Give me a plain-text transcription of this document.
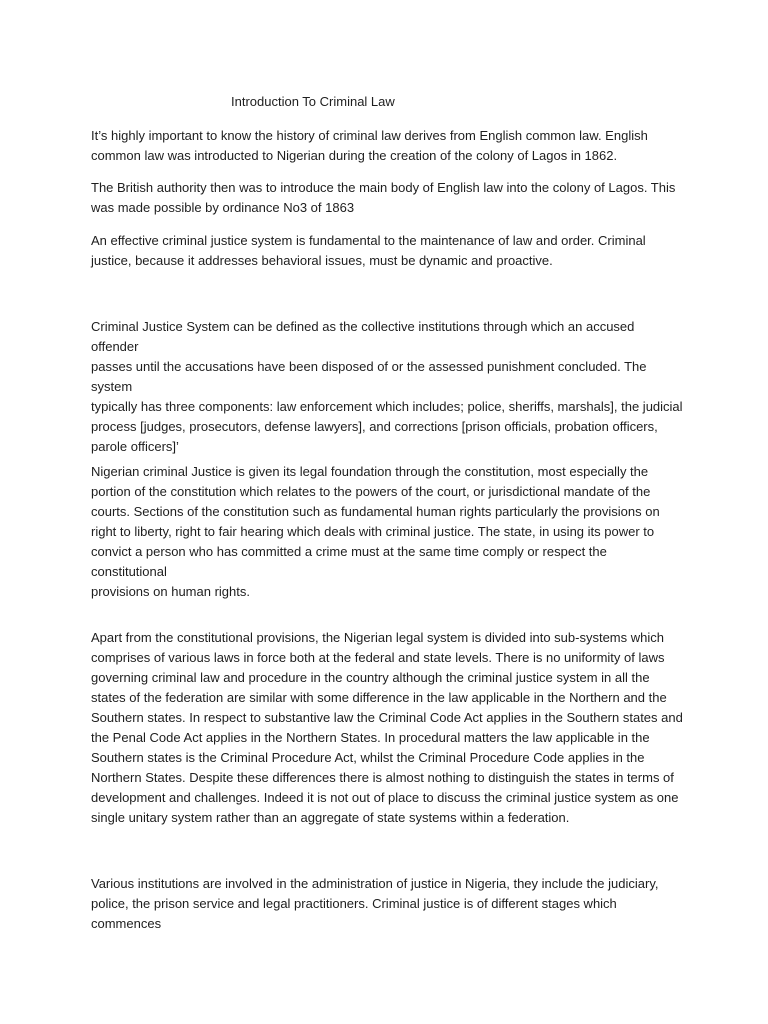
Introduction To Criminal Law

It’s highly important to know the history of criminal law derives from English common law. English
common law was introducted to Nigerian during the creation of the colony of Lagos in 1862.

The British authority then was to introduce the main body of English law into the colony of Lagos. This
was made possible by ordinance No3 of 1863

An effective criminal justice system is fundamental to the maintenance of law and order. Criminal
justice, because it addresses behavioral issues, must be dynamic and proactive.

Criminal Justice System can be defined as the collective institutions through which an accused offender
passes until the accusations have been disposed of or the assessed punishment concluded. The system
typically has three components: law enforcement which includes; police, sheriffs, marshals], the judicial
process [judges, prosecutors, defense lawyers], and corrections [prison officials, probation officers,
parole officers]’

Nigerian criminal Justice is given its legal foundation through the constitution, most especially the
portion of the constitution which relates to the powers of the court, or jurisdictional mandate of the
courts. Sections of the constitution such as fundamental human rights particularly the provisions on
right to liberty, right to fair hearing which deals with criminal justice. The state, in using its power to
convict a person who has committed a crime must at the same time comply or respect the constitutional
provisions on human rights.

Apart from the constitutional provisions, the Nigerian legal system is divided into sub-systems which
comprises of various laws in force both at the federal and state levels. There is no uniformity of laws
governing criminal law and procedure in the country although the criminal justice system in all the
states of the federation are similar with some difference in the law applicable in the Northern and the
Southern states. In respect to substantive law the Criminal Code Act applies in the Southern states and
the Penal Code Act applies in the Northern States. In procedural matters the law applicable in the
Southern states is the Criminal Procedure Act, whilst the Criminal Procedure Code applies in the
Northern States. Despite these differences there is almost nothing to distinguish the states in terms of
development and challenges. Indeed it is not out of place to discuss the criminal justice system as one
single unitary system rather than an aggregate of state systems within a federation.

Various institutions are involved in the administration of justice in Nigeria, they include the judiciary,
police, the prison service and legal practitioners. Criminal justice is of different stages which commences
